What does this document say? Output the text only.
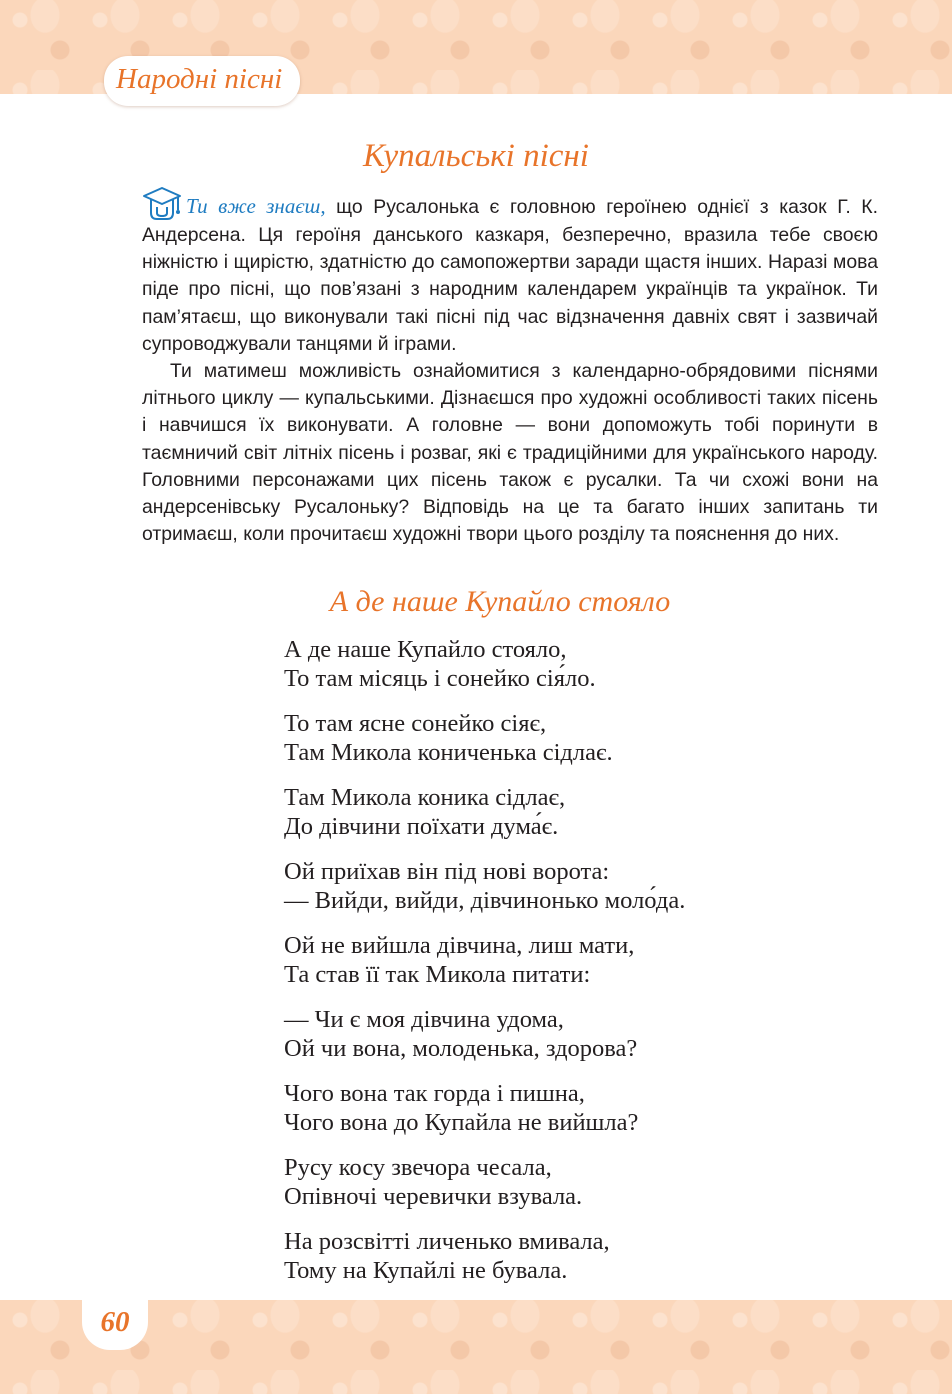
Народні пісні
Купальські пісні

Ти вже знаєш, що Русалонька є головною героїнею однієї з казок Г. К. Андерсена. Ця героїня данського казкаря, безперечно, вразила тебе своєю ніжністю і щирістю, здатністю до самопожертви заради щастя інших. Наразі мова піде про пісні, що пов’язані з народним календарем українців та українок. Ти пам’ятаєш, що виконували такі пісні під час відзначення давніх свят і зазвичай супроводжували танцями й іграми.

Ти матимеш можливість ознайомитися з календарно-обрядовими піснями літнього циклу — купальськими. Дізнаєшся про художні особливості таких пісень і навчишся їх виконувати. А головне — вони допоможуть тобі поринути в таємничий світ літніх пісень і розваг, які є традиційними для українського народу. Головними персонажами цих пісень також є русалки. Та чи схожі вони на андерсенівську Русалоньку? Відповідь на це та багато інших запитань ти отримаєш, коли прочитаєш художні твори цього розділу та пояснення до них.

А де наше Купайло стояло
А де наше Купайло стояло,
То там місяць і сонейко сія́ло.
То там ясне сонейко сіяє,
Там Микола кониченька сідлає.
Там Микола коника сідлає,
До дівчини поїхати дума́є.
Ой приїхав він під нові ворота:
— Вийди, вийди, дівчинонько моло́да.
Ой не вийшла дівчина, лиш мати,
Та став її так Микола питати:
— Чи є моя дівчина удома,
Ой чи вона, молоденька, здорова?
Чого вона так горда і пишна,
Чого вона до Купайла не вийшла?
Русу косу звечора чесала,
Опівночі черевички взувала.
На розсвітті личенько вмивала,
Тому на Купайлі не бувала.
60
